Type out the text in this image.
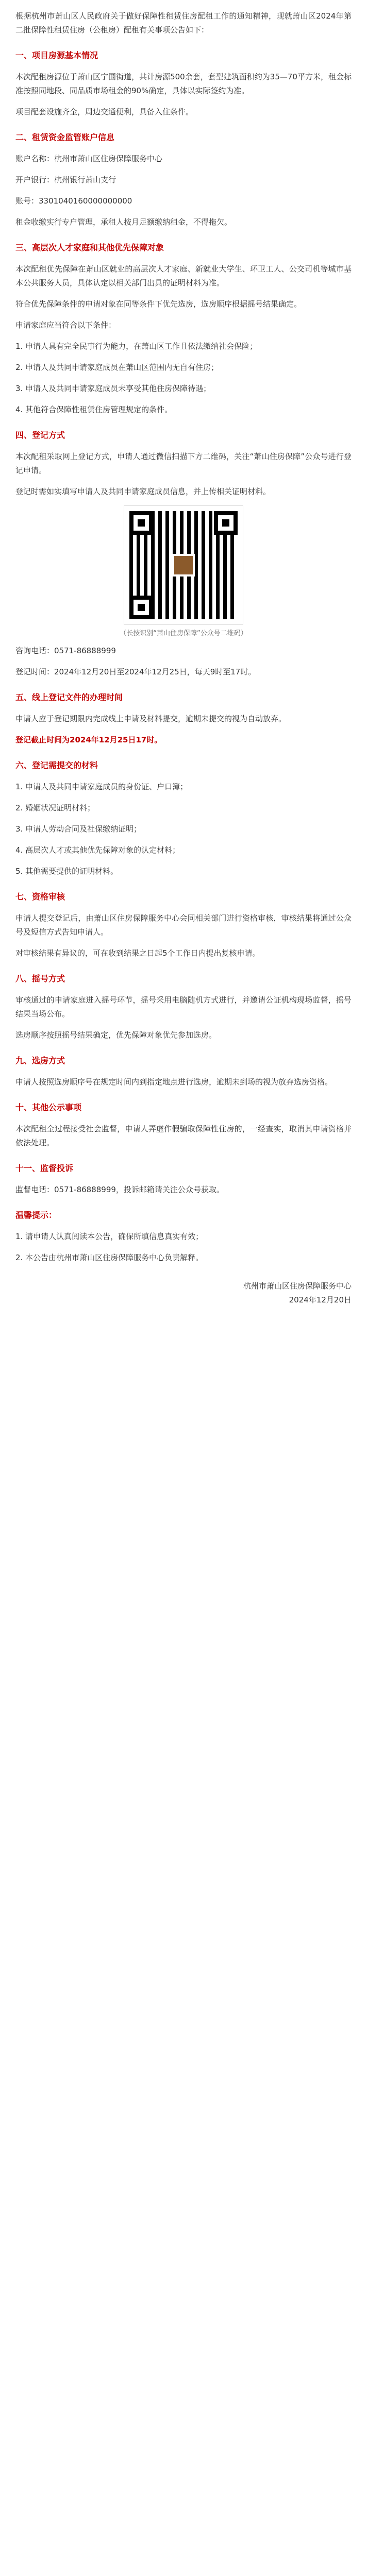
根据杭州市萧山区人民政府关于做好保障性租赁住房配租工作的通知精神，现就萧山区2024年第二批保障性租赁住房（公租房）配租有关事项公告如下：

一、项目房源基本情况

本次配租房源位于萧山区宁围街道，共计房源500余套，套型建筑面积约为35—70平方米，租金标准按照同地段、同品质市场租金的90%确定，具体以实际签约为准。

项目配套设施齐全，周边交通便利，具备入住条件。

二、租赁资金监管账户信息

账户名称：杭州市萧山区住房保障服务中心

开户银行：杭州银行萧山支行

账号：3301040160000000000

租金收缴实行专户管理，承租人按月足额缴纳租金，不得拖欠。

三、高层次人才家庭和其他优先保障对象

本次配租优先保障在萧山区就业的高层次人才家庭、新就业大学生、环卫工人、公交司机等城市基本公共服务人员，具体认定以相关部门出具的证明材料为准。

符合优先保障条件的申请对象在同等条件下优先选房，选房顺序根据摇号结果确定。

申请家庭应当符合以下条件：

1. 申请人具有完全民事行为能力，在萧山区工作且依法缴纳社会保险；

2. 申请人及共同申请家庭成员在萧山区范围内无自有住房；

3. 申请人及共同申请家庭成员未享受其他住房保障待遇；

4. 其他符合保障性租赁住房管理规定的条件。

四、登记方式

本次配租采取网上登记方式，申请人通过微信扫描下方二维码，关注“萧山住房保障”公众号进行登记申请。

登记时需如实填写申请人及共同申请家庭成员信息，并上传相关证明材料。

（长按识别“萧山住房保障”公众号二维码）

咨询电话：0571-86888999

登记时间：2024年12月20日至2024年12月25日，每天9时至17时。

五、线上登记文件的办理时间

申请人应于登记期限内完成线上申请及材料提交，逾期未提交的视为自动放弃。

登记截止时间为2024年12月25日17时。

六、登记需提交的材料

1. 申请人及共同申请家庭成员的身份证、户口簿；

2. 婚姻状况证明材料；

3. 申请人劳动合同及社保缴纳证明；

4. 高层次人才或其他优先保障对象的认定材料；

5. 其他需要提供的证明材料。

七、资格审核

申请人提交登记后，由萧山区住房保障服务中心会同相关部门进行资格审核，审核结果将通过公众号及短信方式告知申请人。

对审核结果有异议的，可在收到结果之日起5个工作日内提出复核申请。

八、摇号方式

审核通过的申请家庭进入摇号环节，摇号采用电脑随机方式进行，并邀请公证机构现场监督，摇号结果当场公布。

选房顺序按照摇号结果确定，优先保障对象优先参加选房。

九、选房方式

申请人按照选房顺序号在规定时间内到指定地点进行选房，逾期未到场的视为放弃选房资格。

十、其他公示事项

本次配租全过程接受社会监督，申请人弄虚作假骗取保障性住房的，一经查实，取消其申请资格并依法处理。

十一、监督投诉

监督电话：0571-86888999，投诉邮箱请关注公众号获取。

温馨提示：

1. 请申请人认真阅读本公告，确保所填信息真实有效；

2. 本公告由杭州市萧山区住房保障服务中心负责解释。

杭州市萧山区住房保障服务中心
2024年12月20日
